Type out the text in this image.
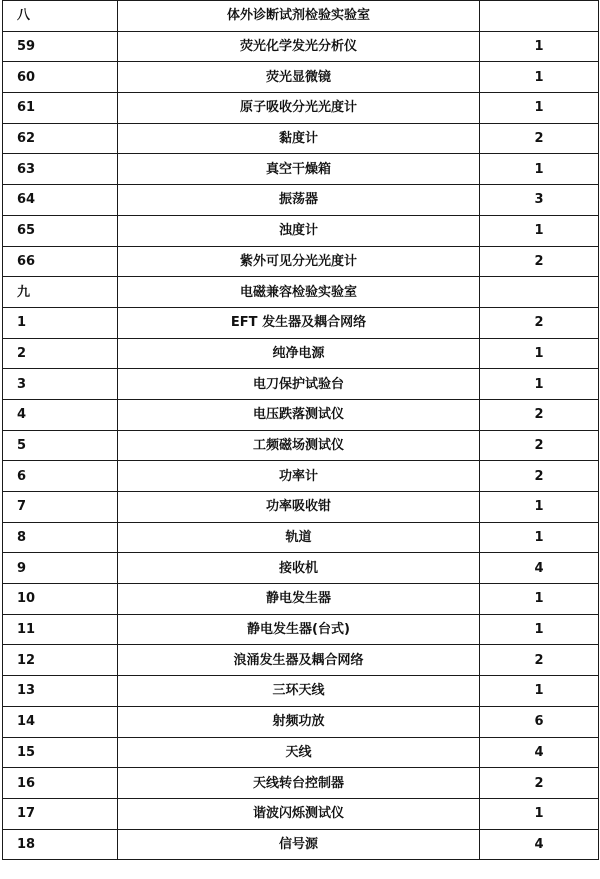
八	体外诊断试剂检验实验室	
59	荧光化学发光分析仪	1
60	荧光显微镜	1
61	原子吸收分光光度计	1
62	黏度计	2
63	真空干燥箱	1
64	振荡器	3
65	浊度计	1
66	紫外可见分光光度计	2
九	电磁兼容检验实验室	
1	EFT 发生器及耦合网络	2
2	纯净电源	1
3	电刀保护试验台	1
4	电压跌落测试仪	2
5	工频磁场测试仪	2
6	功率计	2
7	功率吸收钳	1
8	轨道	1
9	接收机	4
10	静电发生器	1
11	静电发生器(台式)	1
12	浪涌发生器及耦合网络	2
13	三环天线	1
14	射频功放	6
15	天线	4
16	天线转台控制器	2
17	谐波闪烁测试仪	1
18	信号源	4
